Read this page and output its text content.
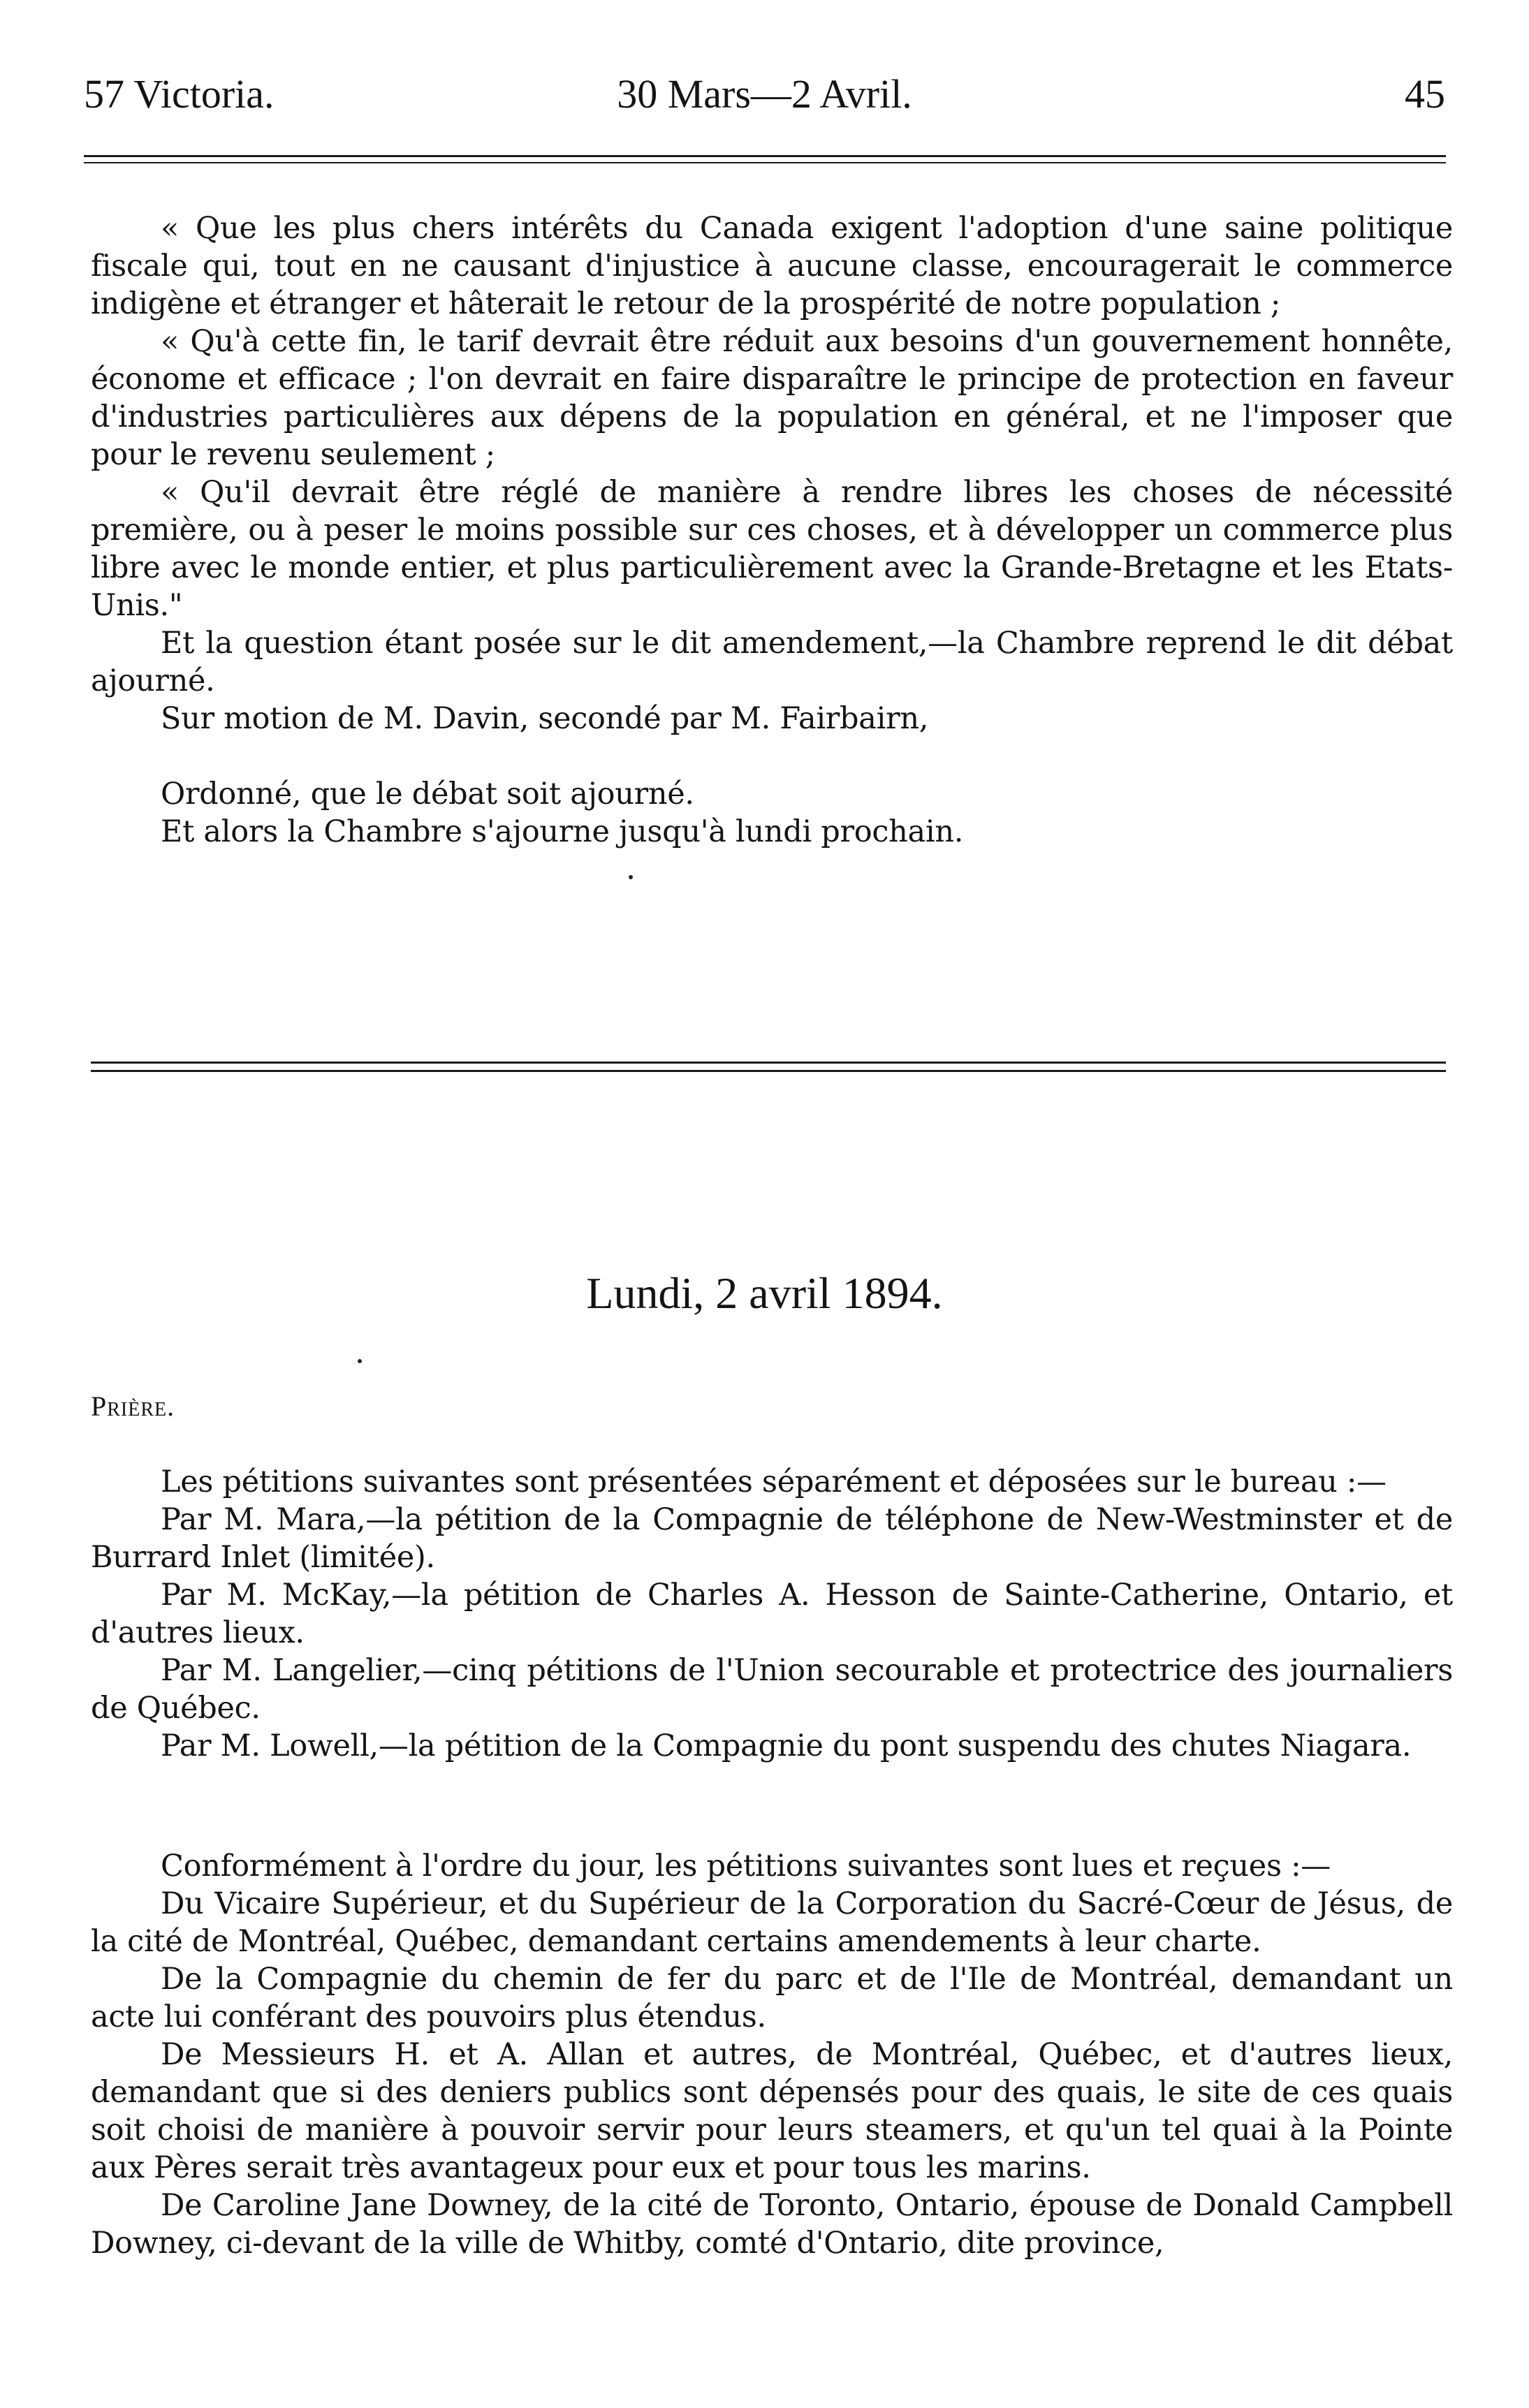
57 Victoria.	30 Mars—2 Avril.	45

« Que les plus chers intérêts du Canada exigent l'adoption d'une saine politique fiscale qui, tout en ne causant d'injustice à aucune classe, encouragerait le commerce indigène et étranger et hâterait le retour de la prospérité de notre population ;

« Qu'à cette fin, le tarif devrait être réduit aux besoins d'un gouvernement honnête, économe et efficace ; l'on devrait en faire disparaître le principe de protection en faveur d'industries particulières aux dépens de la population en général, et ne l'imposer que pour le revenu seulement ;

« Qu'il devrait être réglé de manière à rendre libres les choses de nécessité première, ou à peser le moins possible sur ces choses, et à développer un commerce plus libre avec le monde entier, et plus particulièrement avec la Grande-Bretagne et les Etats-Unis."

Et la question étant posée sur le dit amendement,—la Chambre reprend le dit débat ajourné.

Sur motion de M. Davin, secondé par M. Fairbairn,

Ordonné, que le débat soit ajourné.

Et alors la Chambre s'ajourne jusqu'à lundi prochain.

Lundi, 2 avril 1894.
Prière.

Les pétitions suivantes sont présentées séparément et déposées sur le bureau :—

Par M. Mara,—la pétition de la Compagnie de téléphone de New-Westminster et de Burrard Inlet (limitée).

Par M. McKay,—la pétition de Charles A. Hesson de Sainte-Catherine, Ontario, et d'autres lieux.

Par M. Langelier,—cinq pétitions de l'Union secourable et protectrice des journaliers de Québec.

Par M. Lowell,—la pétition de la Compagnie du pont suspendu des chutes Niagara.

Conformément à l'ordre du jour, les pétitions suivantes sont lues et reçues :—

Du Vicaire Supérieur, et du Supérieur de la Corporation du Sacré-Cœur de Jésus, de la cité de Montréal, Québec, demandant certains amendements à leur charte.

De la Compagnie du chemin de fer du parc et de l'Ile de Montréal, demandant un acte lui conférant des pouvoirs plus étendus.

De Messieurs H. et A. Allan et autres, de Montréal, Québec, et d'autres lieux, demandant que si des deniers publics sont dépensés pour des quais, le site de ces quais soit choisi de manière à pouvoir servir pour leurs steamers, et qu'un tel quai à la Pointe aux Pères serait très avantageux pour eux et pour tous les marins.

De Caroline Jane Downey, de la cité de Toronto, Ontario, épouse de Donald Campbell Downey, ci-devant de la ville de Whitby, comté d'Ontario, dite province,
